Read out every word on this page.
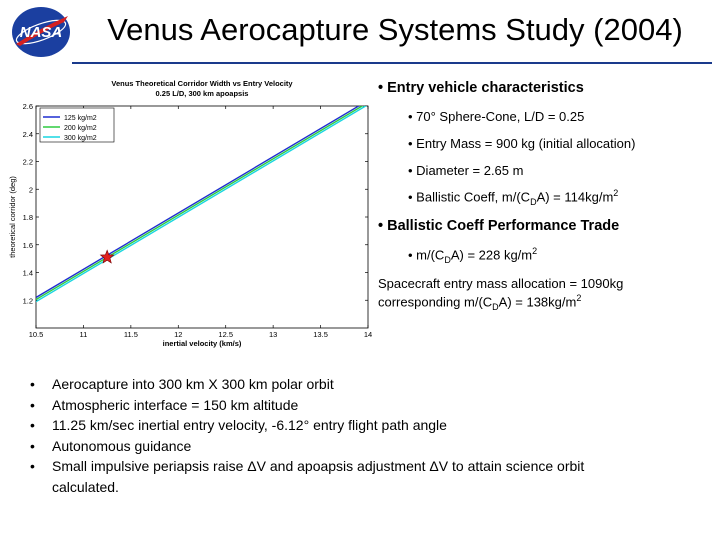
NASA	Venus Aerocapture Systems Study (2004)
Venus Theoretical Corridor Width vs Entry Velocity
0.25 L/D, 300 km apoapsis
10.5	11	11.5	12	12.5	13	13.5	14
1.2
1.4
1.6
1.8
2
2.2
2.4
2.6
inertial velocity (km/s)
theoretical corridor (deg)
125 kg/m2
200 kg/m2
300 kg/m2
• Entry vehicle characteristics
• 70° Sphere-Cone, L/D = 0.25
• Entry Mass = 900 kg (initial allocation)
• Diameter = 2.65 m
• Ballistic Coeff, $m/(C_DA) = 114kg/m^2$
• Ballistic Coeff Performance Trade
• $m/(C_DA) = 228$ $kg/m^2$
Spacecraft entry mass allocation = 1090kg
corresponding $m/(C_DA) = 138kg/m^2$
• Aerocapture into 300 km X 300 km polar orbit
• Atmospheric interface = 150 km altitude
• 11.25 km/sec inertial entry velocity, -6.12° entry flight path angle
• Autonomous guidance
• Small impulsive periapsis raise ΔV and apoapsis adjustment ΔV to attain science orbit
calculated.
